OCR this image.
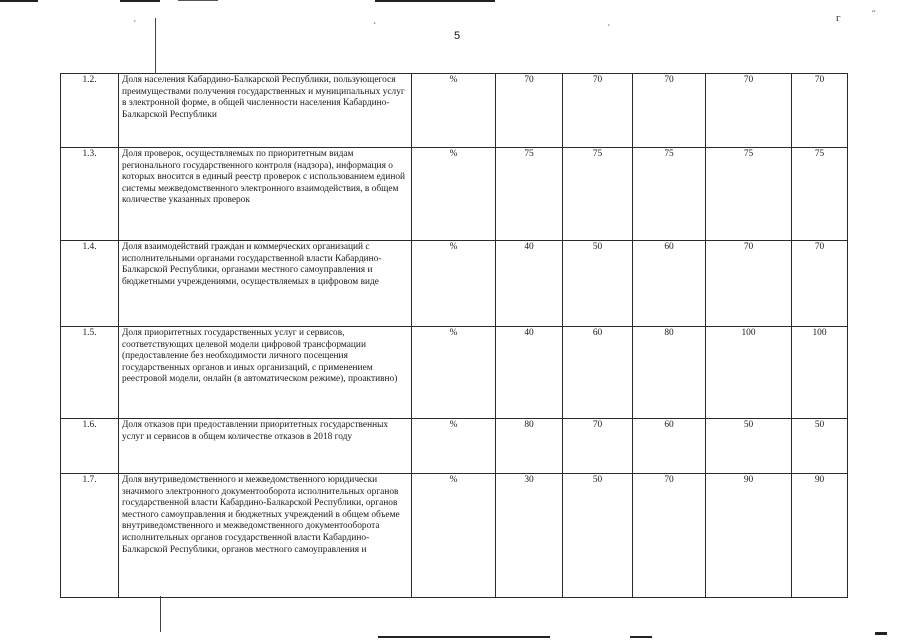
´	´	´
г	˝
5
1.2.	Доля населения Кабардино-Балкарской Республики, пользующегося преимуществами получения государственных и муниципальных услуг в электронной форме, в общей численности населения Кабардино-Балкарской Республики	%	70	70	70	70	70
1.3.	Доля проверок, осуществляемых по приоритетным видам регионального государственного контроля (надзора), информация о которых вносится в единый реестр проверок с использованием единой системы межведомственного электронного взаимодействия, в общем количестве указанных проверок	%	75	75	75	75	75
1.4.	Доля взаимодействий граждан и коммерческих организаций с исполнительными органами государственной власти Кабардино-Балкарской Республики, органами местного самоуправления и бюджетными учреждениями, осуществляемых в цифровом виде	%	40	50	60	70	70
1.5.	Доля приоритетных государственных услуг и сервисов, соответствующих целевой модели цифровой трансформации (предоставление без необходимости личного посещения государственных органов и иных организаций, с применением реестровой модели, онлайн (в автоматическом режиме), проактивно)	%	40	60	80	100	100
1.6.	Доля отказов при предоставлении приоритетных государственных услуг и сервисов в общем количестве отказов в 2018 году	%	80	70	60	50	50
1.7.	Доля внутриведомственного и межведомственного юридически значимого электронного документооборота исполнительных органов государственной власти Кабардино-Балкарской Республики, органов местного самоуправления и бюджетных учреждений в общем объеме внутриведомственного и межведомственного документооборота исполнительных органов государственной власти Кабардино-Балкарской Республики, органов местного самоуправления и	%	30	50	70	90	90
